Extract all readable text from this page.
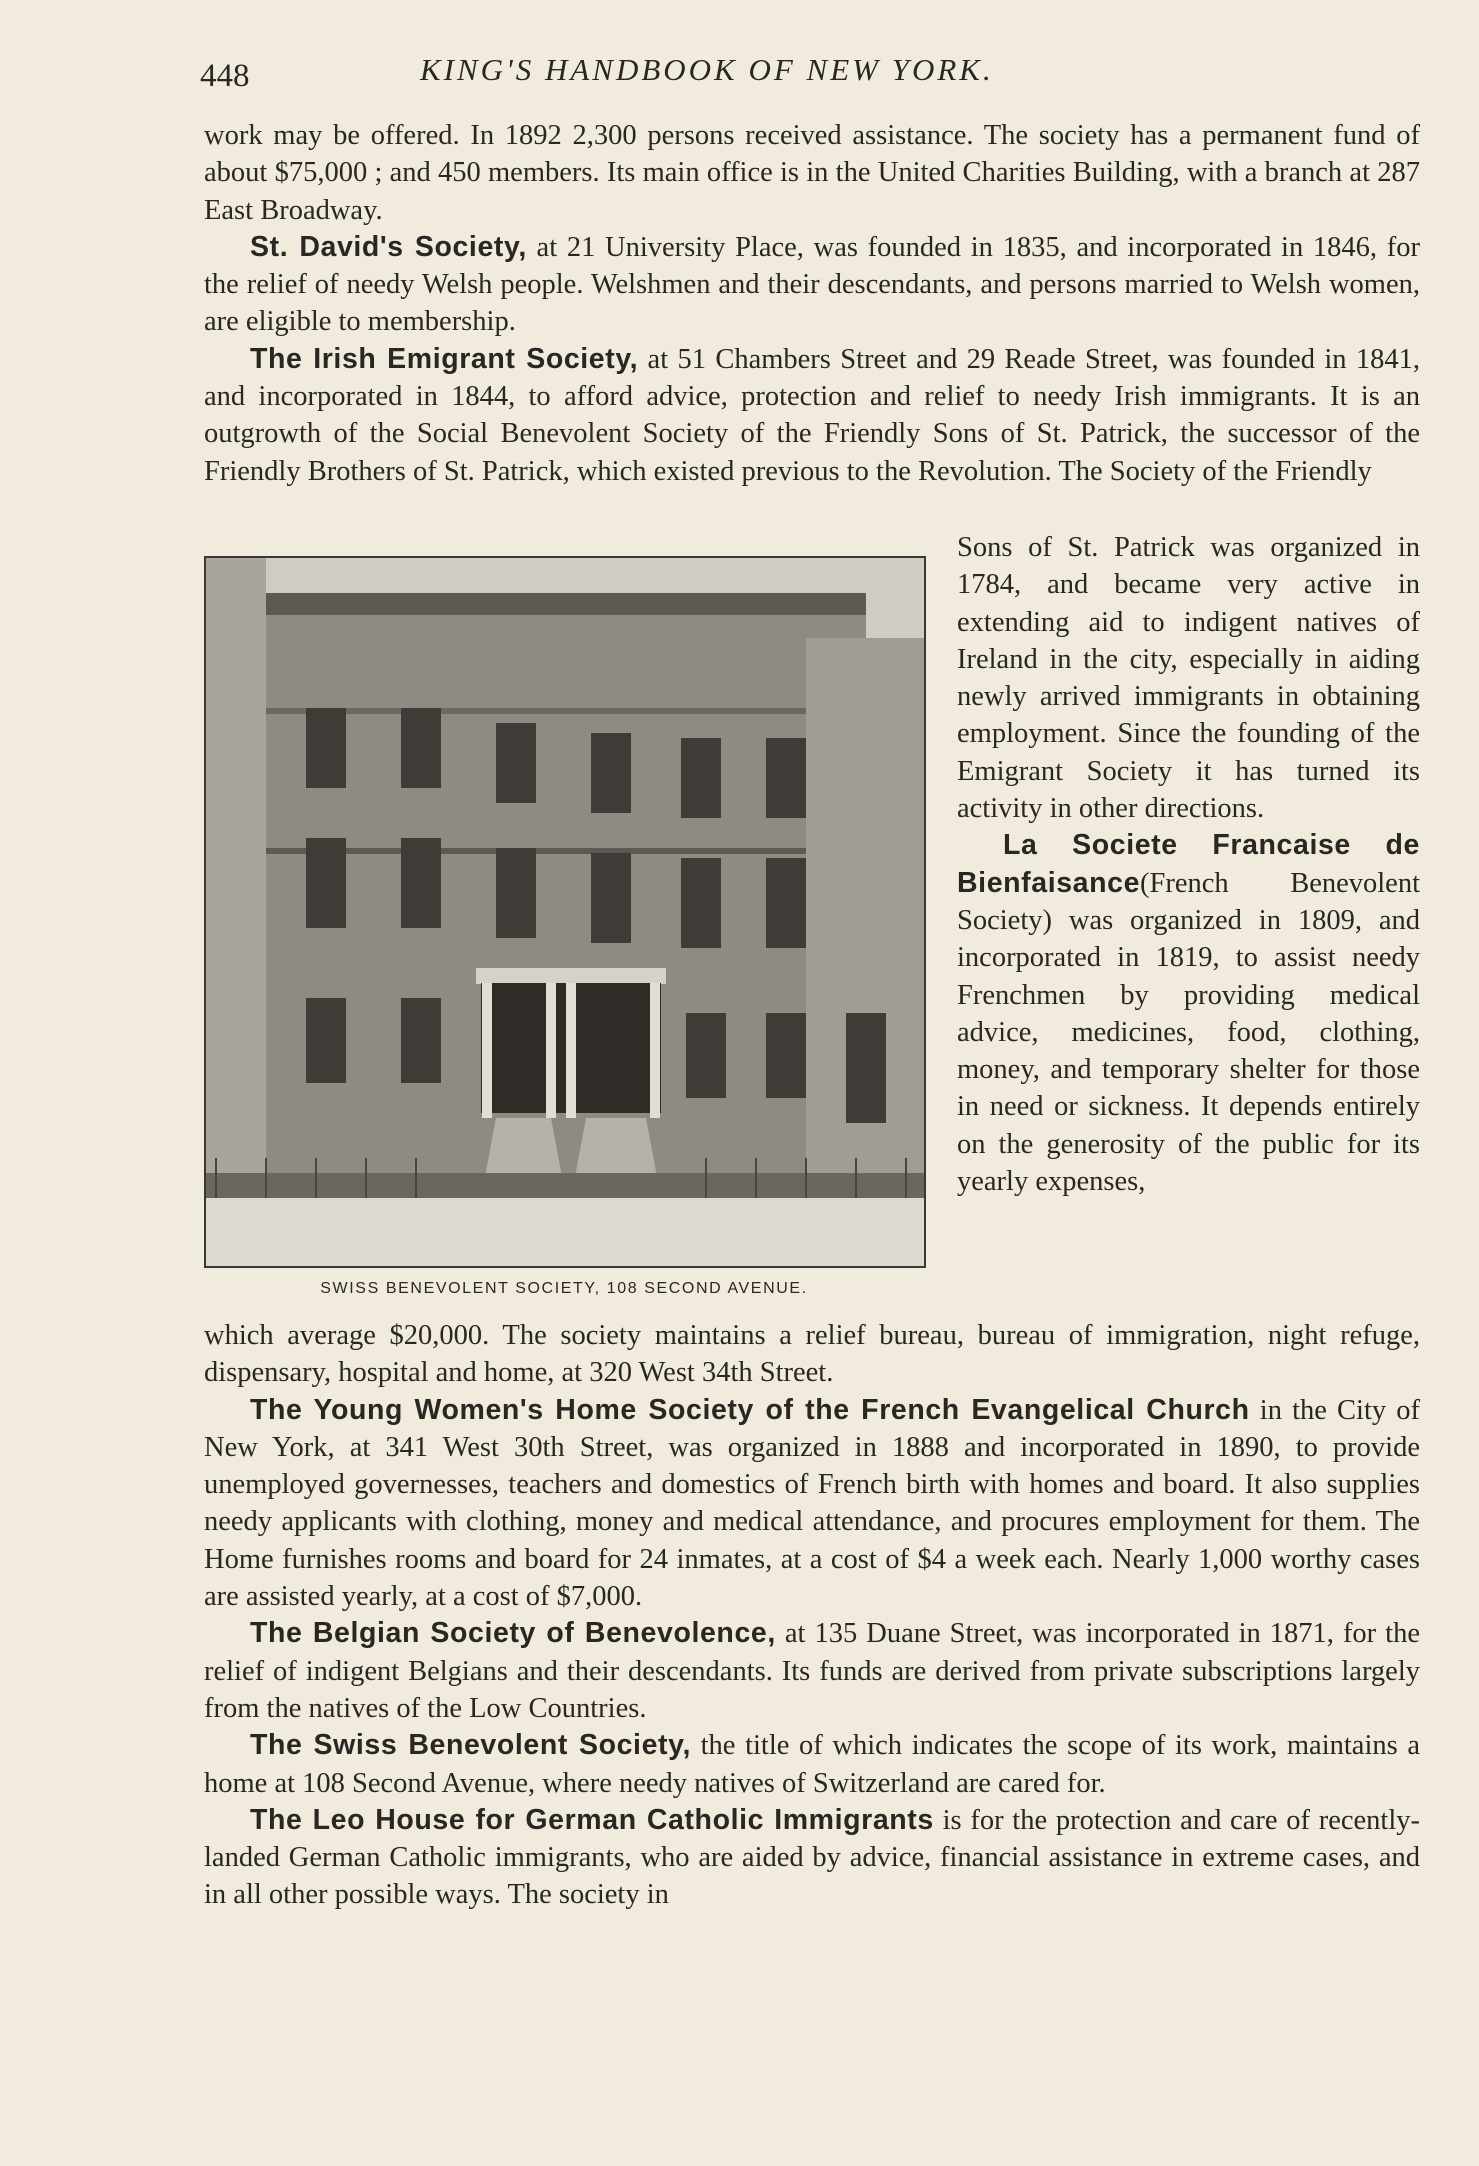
448	KING'S HANDBOOK OF NEW YORK.

work may be offered. In 1892 2,300 persons received assistance. The society has a permanent fund of about $75,000 ; and 450 members. Its main office is in the United Charities Building, with a branch at 287 East Broadway.

St. David's Society, at 21 University Place, was founded in 1835, and incorporated in 1846, for the relief of needy Welsh people. Welshmen and their descendants, and persons married to Welsh women, are eligible to membership.

The Irish Emigrant Society, at 51 Chambers Street and 29 Reade Street, was founded in 1841, and incorporated in 1844, to afford advice, protection and relief to needy Irish immigrants. It is an outgrowth of the Social Benevolent Society of the Friendly Sons of St. Patrick, the successor of the Friendly Brothers of St. Patrick, which existed previous to the Revolution. The Society of the Friendly

SWISS BENEVOLENT SOCIETY, 108 SECOND AVENUE.

Sons of St. Patrick was organized in 1784, and became very active in extending aid to indigent natives of Ireland in the city, especially in aiding newly arrived immigrants in obtaining employment. Since the founding of the Emigrant Society it has turned its activity in other directions.

La Societe Francaise de Bienfaisance(French Benevolent Society) was organized in 1809, and incorporated in 1819, to assist needy Frenchmen by providing medical advice, medicines, food, clothing, money, and temporary shelter for those in need or sickness. It depends entirely on the generosity of the public for its yearly expenses,

which average $20,000. The society maintains a relief bureau, bureau of immigration, night refuge, dispensary, hospital and home, at 320 West 34th Street.

The Young Women's Home Society of the French Evangelical Church in the City of New York, at 341 West 30th Street, was organized in 1888 and incorporated in 1890, to provide unemployed governesses, teachers and domestics of French birth with homes and board. It also supplies needy applicants with clothing, money and medical attendance, and procures employment for them. The Home furnishes rooms and board for 24 inmates, at a cost of $4 a week each. Nearly 1,000 worthy cases are assisted yearly, at a cost of $7,000.

The Belgian Society of Benevolence, at 135 Duane Street, was incorporated in 1871, for the relief of indigent Belgians and their descendants. Its funds are derived from private subscriptions largely from the natives of the Low Countries.

The Swiss Benevolent Society, the title of which indicates the scope of its work, maintains a home at 108 Second Avenue, where needy natives of Switzerland are cared for.

The Leo House for German Catholic Immigrants is for the protection and care of recently-landed German Catholic immigrants, who are aided by advice, financial assistance in extreme cases, and in all other possible ways. The society in
